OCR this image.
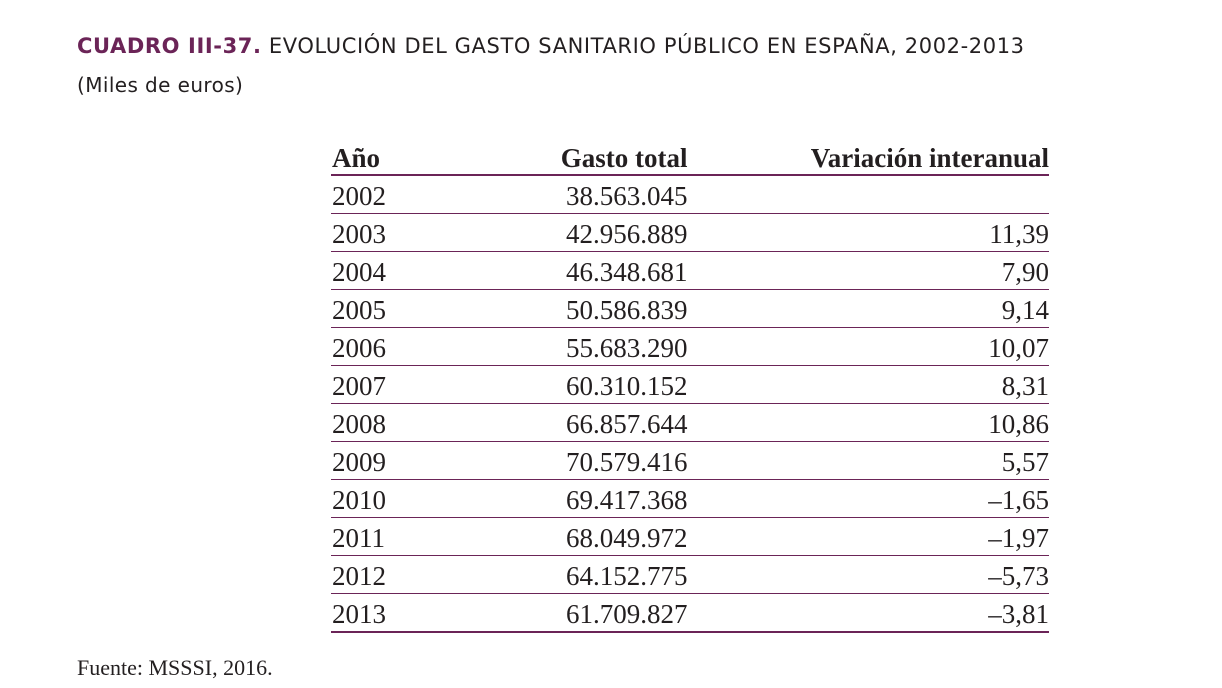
CUADRO III-37. EVOLUCIÓN DEL GASTO SANITARIO PÚBLICO EN ESPAÑA, 2002-2013
(Miles de euros)
Año	Gasto total	Variación interanual
2002	38.563.045
2003	42.956.889	11,39
2004	46.348.681	7,90
2005	50.586.839	9,14
2006	55.683.290	10,07
2007	60.310.152	8,31
2008	66.857.644	10,86
2009	70.579.416	5,57
2010	69.417.368	–1,65
2011	68.049.972	–1,97
2012	64.152.775	–5,73
2013	61.709.827	–3,81
Fuente: MSSSI, 2016.
